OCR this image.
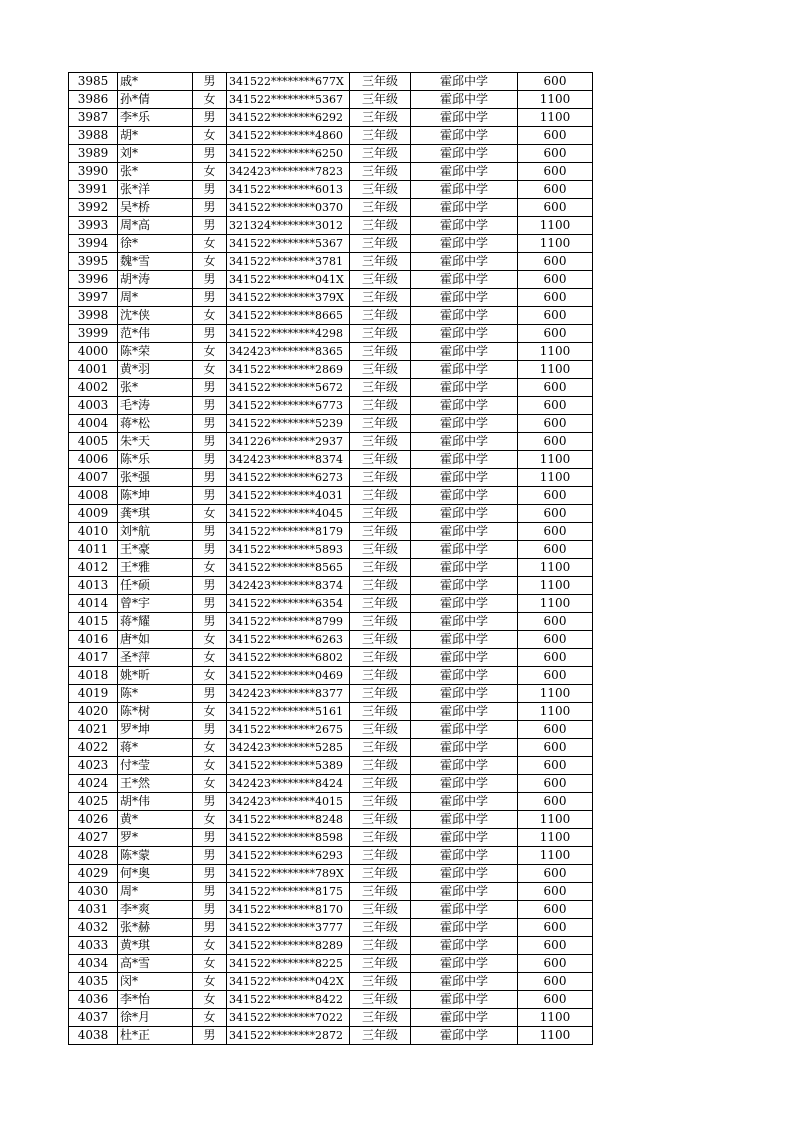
3985	戚*	男	341522********677X	三年级	霍邱中学	600
3986	孙*倩	女	341522********5367	三年级	霍邱中学	1100
3987	李*乐	男	341522********6292	三年级	霍邱中学	1100
3988	胡*	女	341522********4860	三年级	霍邱中学	600
3989	刘*	男	341522********6250	三年级	霍邱中学	600
3990	张*	女	342423********7823	三年级	霍邱中学	600
3991	张*洋	男	341522********6013	三年级	霍邱中学	600
3992	吴*桥	男	341522********0370	三年级	霍邱中学	600
3993	周*高	男	321324********3012	三年级	霍邱中学	1100
3994	徐*	女	341522********5367	三年级	霍邱中学	1100
3995	魏*雪	女	341522********3781	三年级	霍邱中学	600
3996	胡*涛	男	341522********041X	三年级	霍邱中学	600
3997	周*	男	341522********379X	三年级	霍邱中学	600
3998	沈*侠	女	341522********8665	三年级	霍邱中学	600
3999	范*伟	男	341522********4298	三年级	霍邱中学	600
4000	陈*荣	女	342423********8365	三年级	霍邱中学	1100
4001	黄*羽	女	341522********2869	三年级	霍邱中学	1100
4002	张*	男	341522********5672	三年级	霍邱中学	600
4003	毛*涛	男	341522********6773	三年级	霍邱中学	600
4004	蒋*松	男	341522********5239	三年级	霍邱中学	600
4005	朱*天	男	341226********2937	三年级	霍邱中学	600
4006	陈*乐	男	342423********8374	三年级	霍邱中学	1100
4007	张*强	男	341522********6273	三年级	霍邱中学	1100
4008	陈*坤	男	341522********4031	三年级	霍邱中学	600
4009	龚*琪	女	341522********4045	三年级	霍邱中学	600
4010	刘*航	男	341522********8179	三年级	霍邱中学	600
4011	王*豪	男	341522********5893	三年级	霍邱中学	600
4012	王*雅	女	341522********8565	三年级	霍邱中学	1100
4013	任*硕	男	342423********8374	三年级	霍邱中学	1100
4014	曾*宇	男	341522********6354	三年级	霍邱中学	1100
4015	蒋*耀	男	341522********8799	三年级	霍邱中学	600
4016	唐*如	女	341522********6263	三年级	霍邱中学	600
4017	圣*萍	女	341522********6802	三年级	霍邱中学	600
4018	姚*昕	女	341522********0469	三年级	霍邱中学	600
4019	陈*	男	342423********8377	三年级	霍邱中学	1100
4020	陈*树	女	341522********5161	三年级	霍邱中学	1100
4021	罗*坤	男	341522********2675	三年级	霍邱中学	600
4022	蒋*	女	342423********5285	三年级	霍邱中学	600
4023	付*莹	女	341522********5389	三年级	霍邱中学	600
4024	王*然	女	342423********8424	三年级	霍邱中学	600
4025	胡*伟	男	342423********4015	三年级	霍邱中学	600
4026	黄*	女	341522********8248	三年级	霍邱中学	1100
4027	罗*	男	341522********8598	三年级	霍邱中学	1100
4028	陈*蒙	男	341522********6293	三年级	霍邱中学	1100
4029	何*奥	男	341522********789X	三年级	霍邱中学	600
4030	周*	男	341522********8175	三年级	霍邱中学	600
4031	李*爽	男	341522********8170	三年级	霍邱中学	600
4032	张*赫	男	341522********3777	三年级	霍邱中学	600
4033	黄*琪	女	341522********8289	三年级	霍邱中学	600
4034	高*雪	女	341522********8225	三年级	霍邱中学	600
4035	闵*	女	341522********042X	三年级	霍邱中学	600
4036	李*怡	女	341522********8422	三年级	霍邱中学	600
4037	徐*月	女	341522********7022	三年级	霍邱中学	1100
4038	杜*正	男	341522********2872	三年级	霍邱中学	1100
